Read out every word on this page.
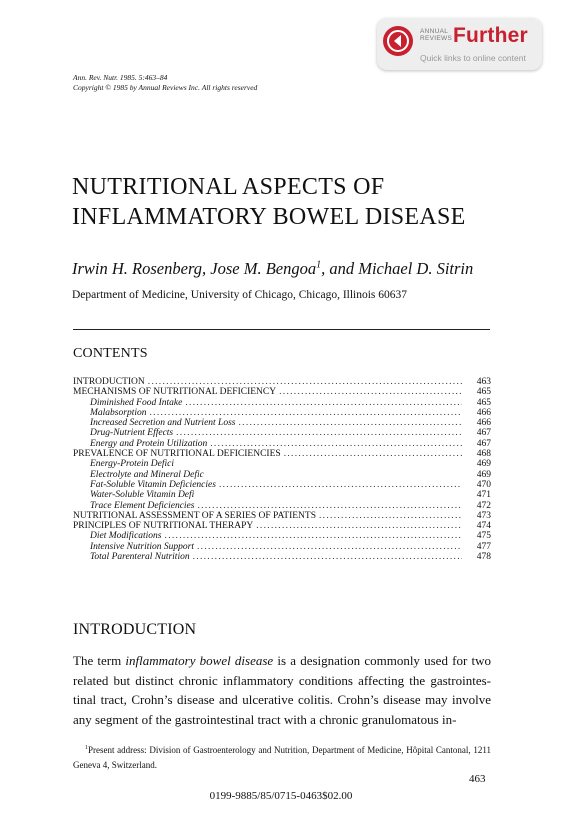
ANNUAL
REVIEWS Further
Quick links to online content
Ann. Rev. Nutr. 1985. 5:463–84
Copyright © 1985 by Annual Reviews Inc. All rights reserved
NUTRITIONAL ASPECTS OF
INFLAMMATORY BOWEL DISEASE
Irwin H. Rosenberg, Jose M. Bengoa$^1$, and Michael D. Sitrin
Department of Medicine, University of Chicago, Chicago, Illinois 60637
CONTENTS
INTRODUCTION .....	463
MECHANISMS OF NUTRITIONAL DEFICIENCY .....	465
Diminished Food Intake .....	465
Malabsorption .....	466
Increased Secretion and Nutrient Loss .....	466
Drug-Nutrient Effects .....	467
Energy and Protein Utilization .....	467
PREVALENCE OF NUTRITIONAL DEFICIENCIES .....	468
Energy-Protein Defici	469
Electrolyte and Mineral Defic	469
Fat-Soluble Vitamin Deficiencies .....	470
Water-Soluble Vitamin Defi	471
Trace Element Deficiencies .....	472
NUTRITIONAL ASSESSMENT OF A SERIES OF PATIENTS .....	473
PRINCIPLES OF NUTRITIONAL THERAPY .....	474
Diet Modifications .....	475
Intensive Nutrition Support .....	477
Total Parenteral Nutrition .....	478
INTRODUCTION

The term inflammatory bowel disease is a designation commonly used for two related but distinct chronic inflammatory conditions affecting the gastrointes-tinal tract, Crohn’s disease and ulcerative colitis. Crohn’s disease may involve any segment of the gastrointestinal tract with a chronic granulomatous in-

$^1$Present address: Division of Gastroenterology and Nutrition, Department of Medicine, Hôpital Cantonal, 1211 Geneva 4, Switzerland.
463
0199-9885/85/0715-0463$02.00
